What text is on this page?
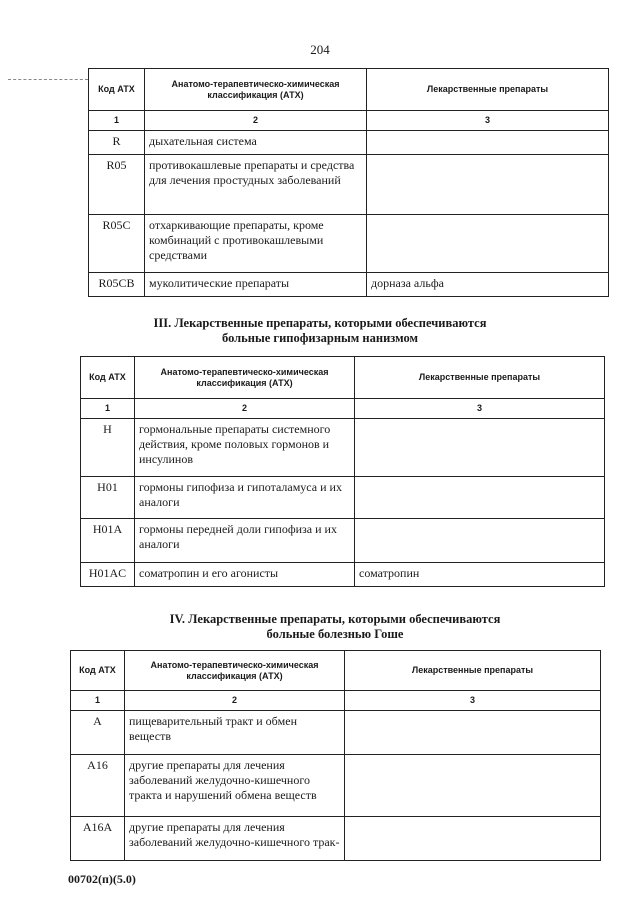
204
Код АТХ	Анатомо-терапевтическо-химическая классификация (АТХ)	Лекарственные препараты
1	2	3
R	дыхательная система	
R05	противокашлевые препараты и средства для лечения простудных заболеваний	
R05C	отхаркивающие препараты, кроме комбинаций с противокашлевыми средствами	
R05CB	муколитические препараты	дорназа альфа
III. Лекарственные препараты, которыми обеспечиваются
больные гипофизарным нанизмом
Код АТХ	Анатомо-терапевтическо-химическая классификация (АТХ)	Лекарственные препараты
1	2	3
H	гормональные препараты системного действия, кроме половых гормонов и инсулинов	
H01	гормоны гипофиза и гипоталамуса и их аналоги	
H01A	гормоны передней доли гипофиза и их аналоги	
H01AC	соматропин и его агонисты	соматропин
IV. Лекарственные препараты, которыми обеспечиваются
больные болезнью Гоше
Код АТХ	Анатомо-терапевтическо-химическая классификация (АТХ)	Лекарственные препараты
1	2	3
A	пищеварительный тракт и обмен веществ	
A16	другие препараты для лечения заболеваний желудочно-кишечного тракта и нарушений обмена веществ	
A16A	другие препараты для лечения заболеваний желудочно-кишечного трак-	
00702(п)(5.0)
